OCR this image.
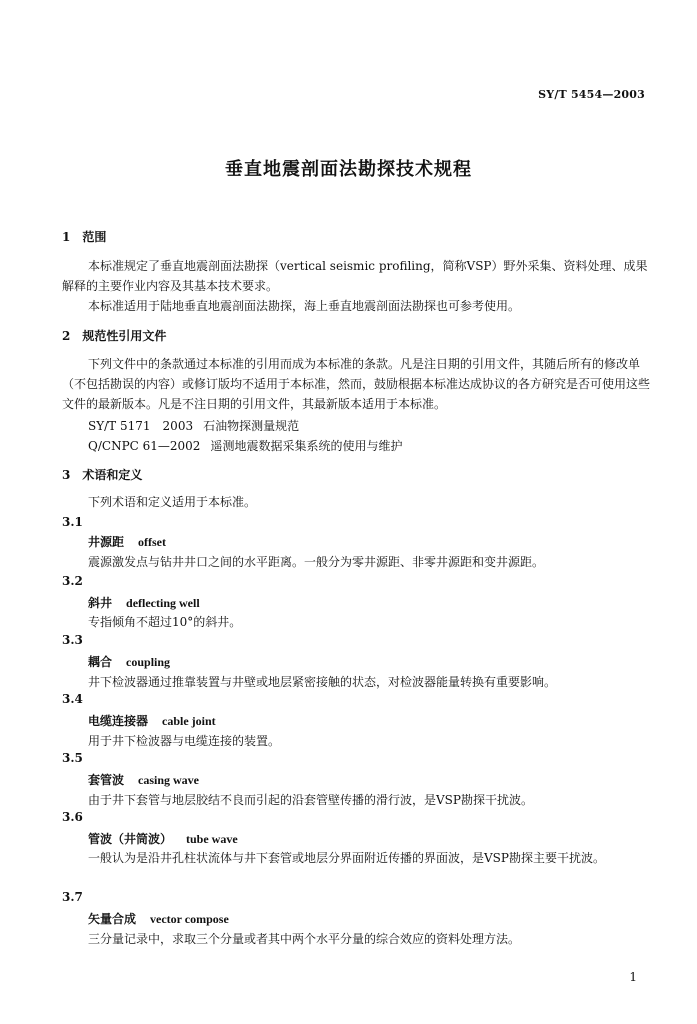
SY/T 5454—2003
垂直地震剖面法勘探技术规程
1　范围
本标准规定了垂直地震剖面法勘探（vertical seismic profiling，简称VSP）野外采集、资料处理、成果解释的主要作业内容及其基本技术要求。
本标准适用于陆地垂直地震剖面法勘探，海上垂直地震剖面法勘探也可参考使用。
2　规范性引用文件
下列文件中的条款通过本标准的引用而成为本标准的条款。凡是注日期的引用文件，其随后所有的修改单（不包括勘误的内容）或修订版均不适用于本标准，然而，鼓励根据本标准达成协议的各方研究是否可使用这些文件的最新版本。凡是不注日期的引用文件，其最新版本适用于本标准。
SY/T 5171　2003 石油物探测量规范
Q/CNPC 61—2002 遥测地震数据采集系统的使用与维护
3　术语和定义
下列术语和定义适用于本标准。
3.1
井源距 offset
震源激发点与钻井井口之间的水平距离。一般分为零井源距、非零井源距和变井源距。
3.2
斜井 deflecting well
专指倾角不超过10°的斜井。
3.3
耦合 coupling
井下检波器通过推靠装置与井壁或地层紧密接触的状态，对检波器能量转换有重要影响。
3.4
电缆连接器 cable joint
用于井下检波器与电缆连接的装置。
3.5
套管波 casing wave
由于井下套管与地层胶结不良而引起的沿套管壁传播的滑行波，是VSP勘探干扰波。
3.6
管波（井筒波） tube wave
一般认为是沿井孔柱状流体与井下套管或地层分界面附近传播的界面波，是VSP勘探主要干扰波。
3.7
矢量合成 vector compose
三分量记录中，求取三个分量或者其中两个水平分量的综合效应的资料处理方法。
1
